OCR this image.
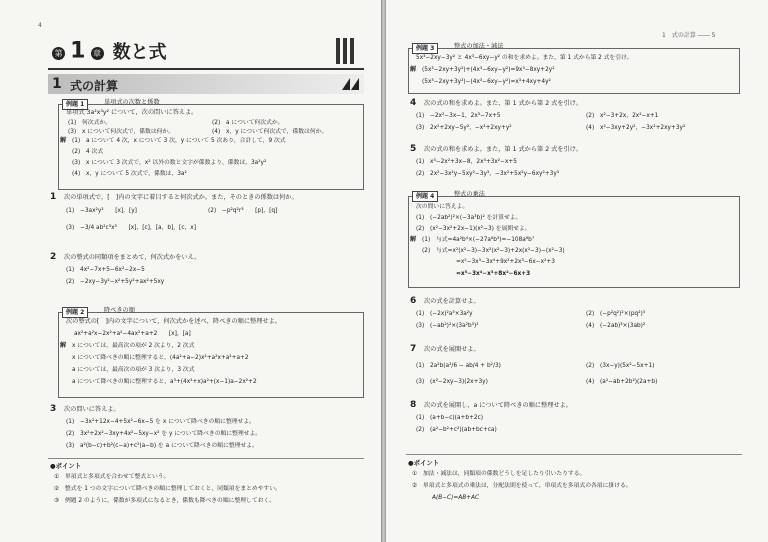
4
第 1 章 数と式
1 式の計算
例題 1	単項式の次数と係数
単項式 3a²x³y² について，次の問いに答えよ。
(1)　何次式か。	(2)　a について何次式か。
(3)　x について何次式で，係数は何か。	(4)　x，y について何次式で，係数は何か。
解 (1)　a について 4 次，x について 3 次，y について 5 次あり，合計して，9 次式
(2)　4 次式
(3)　x について 3 次式で，x² 以外の数と文字が係数より，係数は，3a²y²
(4)　x，y について 5 次式で，係数は，3a²
1 次の単項式で，[　]内の文字に着目すると何次式か。また，そのときの係数は何か。
(1)　−3ax²y²　　[x]，[y]	(2)　−p²q²r³　　[p]，[q]
(3)　−3/4 ab²c³x³　　[x]，[c]，[a，b]，[c，x]
2 次の整式の同類項をまとめて，何次式かをいえ。
(1)　4x²−7x+5−6x²−2x−5
(2)　−2xy−3y²−x²+5y²+ax²+5xy
例題 2	降べきの順
次の整式の[　]内の文字について，何次式かを述べ，降べきの順に整理せよ。
ax²+a²x−2x²+a²−4ax²+a+2　　[x]，[a]
解 x については，最高次の項が 2 次より，2 次式
x について降べきの順に整理すると，(4a²+a−2)x²+a²x+a²+a+2
a については，最高次の項が 3 次より，3 次式
a について降べきの順に整理すると，a³+(4x²+x)a²+(x−1)a−2x²+2
3 次の問いに答えよ。
(1)　−3x²+12x−4+5x²−6x−5 を x について降べきの順に整理せよ。
(2)　3x²+2x²−3xy+4x²−5xy−x² を y について降べきの順に整理せよ。
(3)　a²(b−c)+b²(c−a)+c²(a−b) を a について降べきの順に整理せよ。
●ポイント
①　単項式と多項式を合わせて整式という。
②　整式を 1 つの文字について降べきの順に整理しておくと，同類項をまとめやすい。
③　例題 2 のように，係数が多項式になるとき，係数も降べきの順に整理しておく。
1　式の計算 ―― 5
例題 3	整式の加法・減法
5x³−2xy−3y² と 4x³−6xy−y² の和を求めよ。また，第 1 式から第 2 式を引け。
解 (5x³−2xy+3y²)+(4x³−6xy−y²)=9x³−8xy+2y²
(5x³−2xy+3y²)−(4x³−6xy−y²)=x³+4xy+4y²
4 次の式の和を求めよ。また，第 1 式から第 2 式を引け。
(1)　−2x²−3x−1，2x³−7x+5	(2)　x²−3+2x，2x²−x+1
(3)　2x²+2xy−5y²，−x²+2xy+y²	(4)　x²−3xy+2y²，−3x²+2xy+3y²
5 次の式の和を求めよ。また，第 1 式から第 2 式を引け。
(1)　x³−2x²+3x−8，2x³+3x²−x+5
(2)　2x²−3x²y−5xy²−3y³，−3x²+5x²y−6xy²+3y³
例題 4	整式の乗法
次の問いに答えよ。
(1)　(−2ab²)²×(−3a³b)² を計算せよ。
(2)　(x²−3x²+2x−1)(x²−3) を展開せよ。
解 (1)　与式=4a²b⁴×(−27a⁶b³)=−108a⁸b⁷
(2)　与式=x²(x²−3)−3x²(x²−3)+2x(x²−3)−(x²−3)
=x⁵−3x³−3x⁴+9x²+2x³−6x−x²+3
=x⁵−3x⁴−x³+8x²−6x+3
6 次の式を計算せよ。
(1)　(−2x)²a³×3a²y	(2)　(−p²q²)²×(pq²)³
(3)　(−ab²)²×(3a²b³)²	(4)　(−2ab)³×(3ab)²
7 次の式を展開せよ。
(1)　2a²b(a²/6 − ab/4 + b²/3)	(2)　(3x−y)(5x²−5x+1)
(3)　(x²−2xy−3)(2x+3y)	(4)　(a²−ab+2b²)(2a+b)
8 次の式を展開し，a について降べきの順に整理せよ。
(1)　(a+b−c)(a+b+2c)
(2)　(a²−b²+c²)(ab+bc+ca)
●ポイント
①　加法・減法は，同類項の係数どうしを足したり引いたりする。
②　単項式と多項式の乗法は，分配法則を使って，単項式を多項式の各項に掛ける。
A(B−C)=AB+AC
